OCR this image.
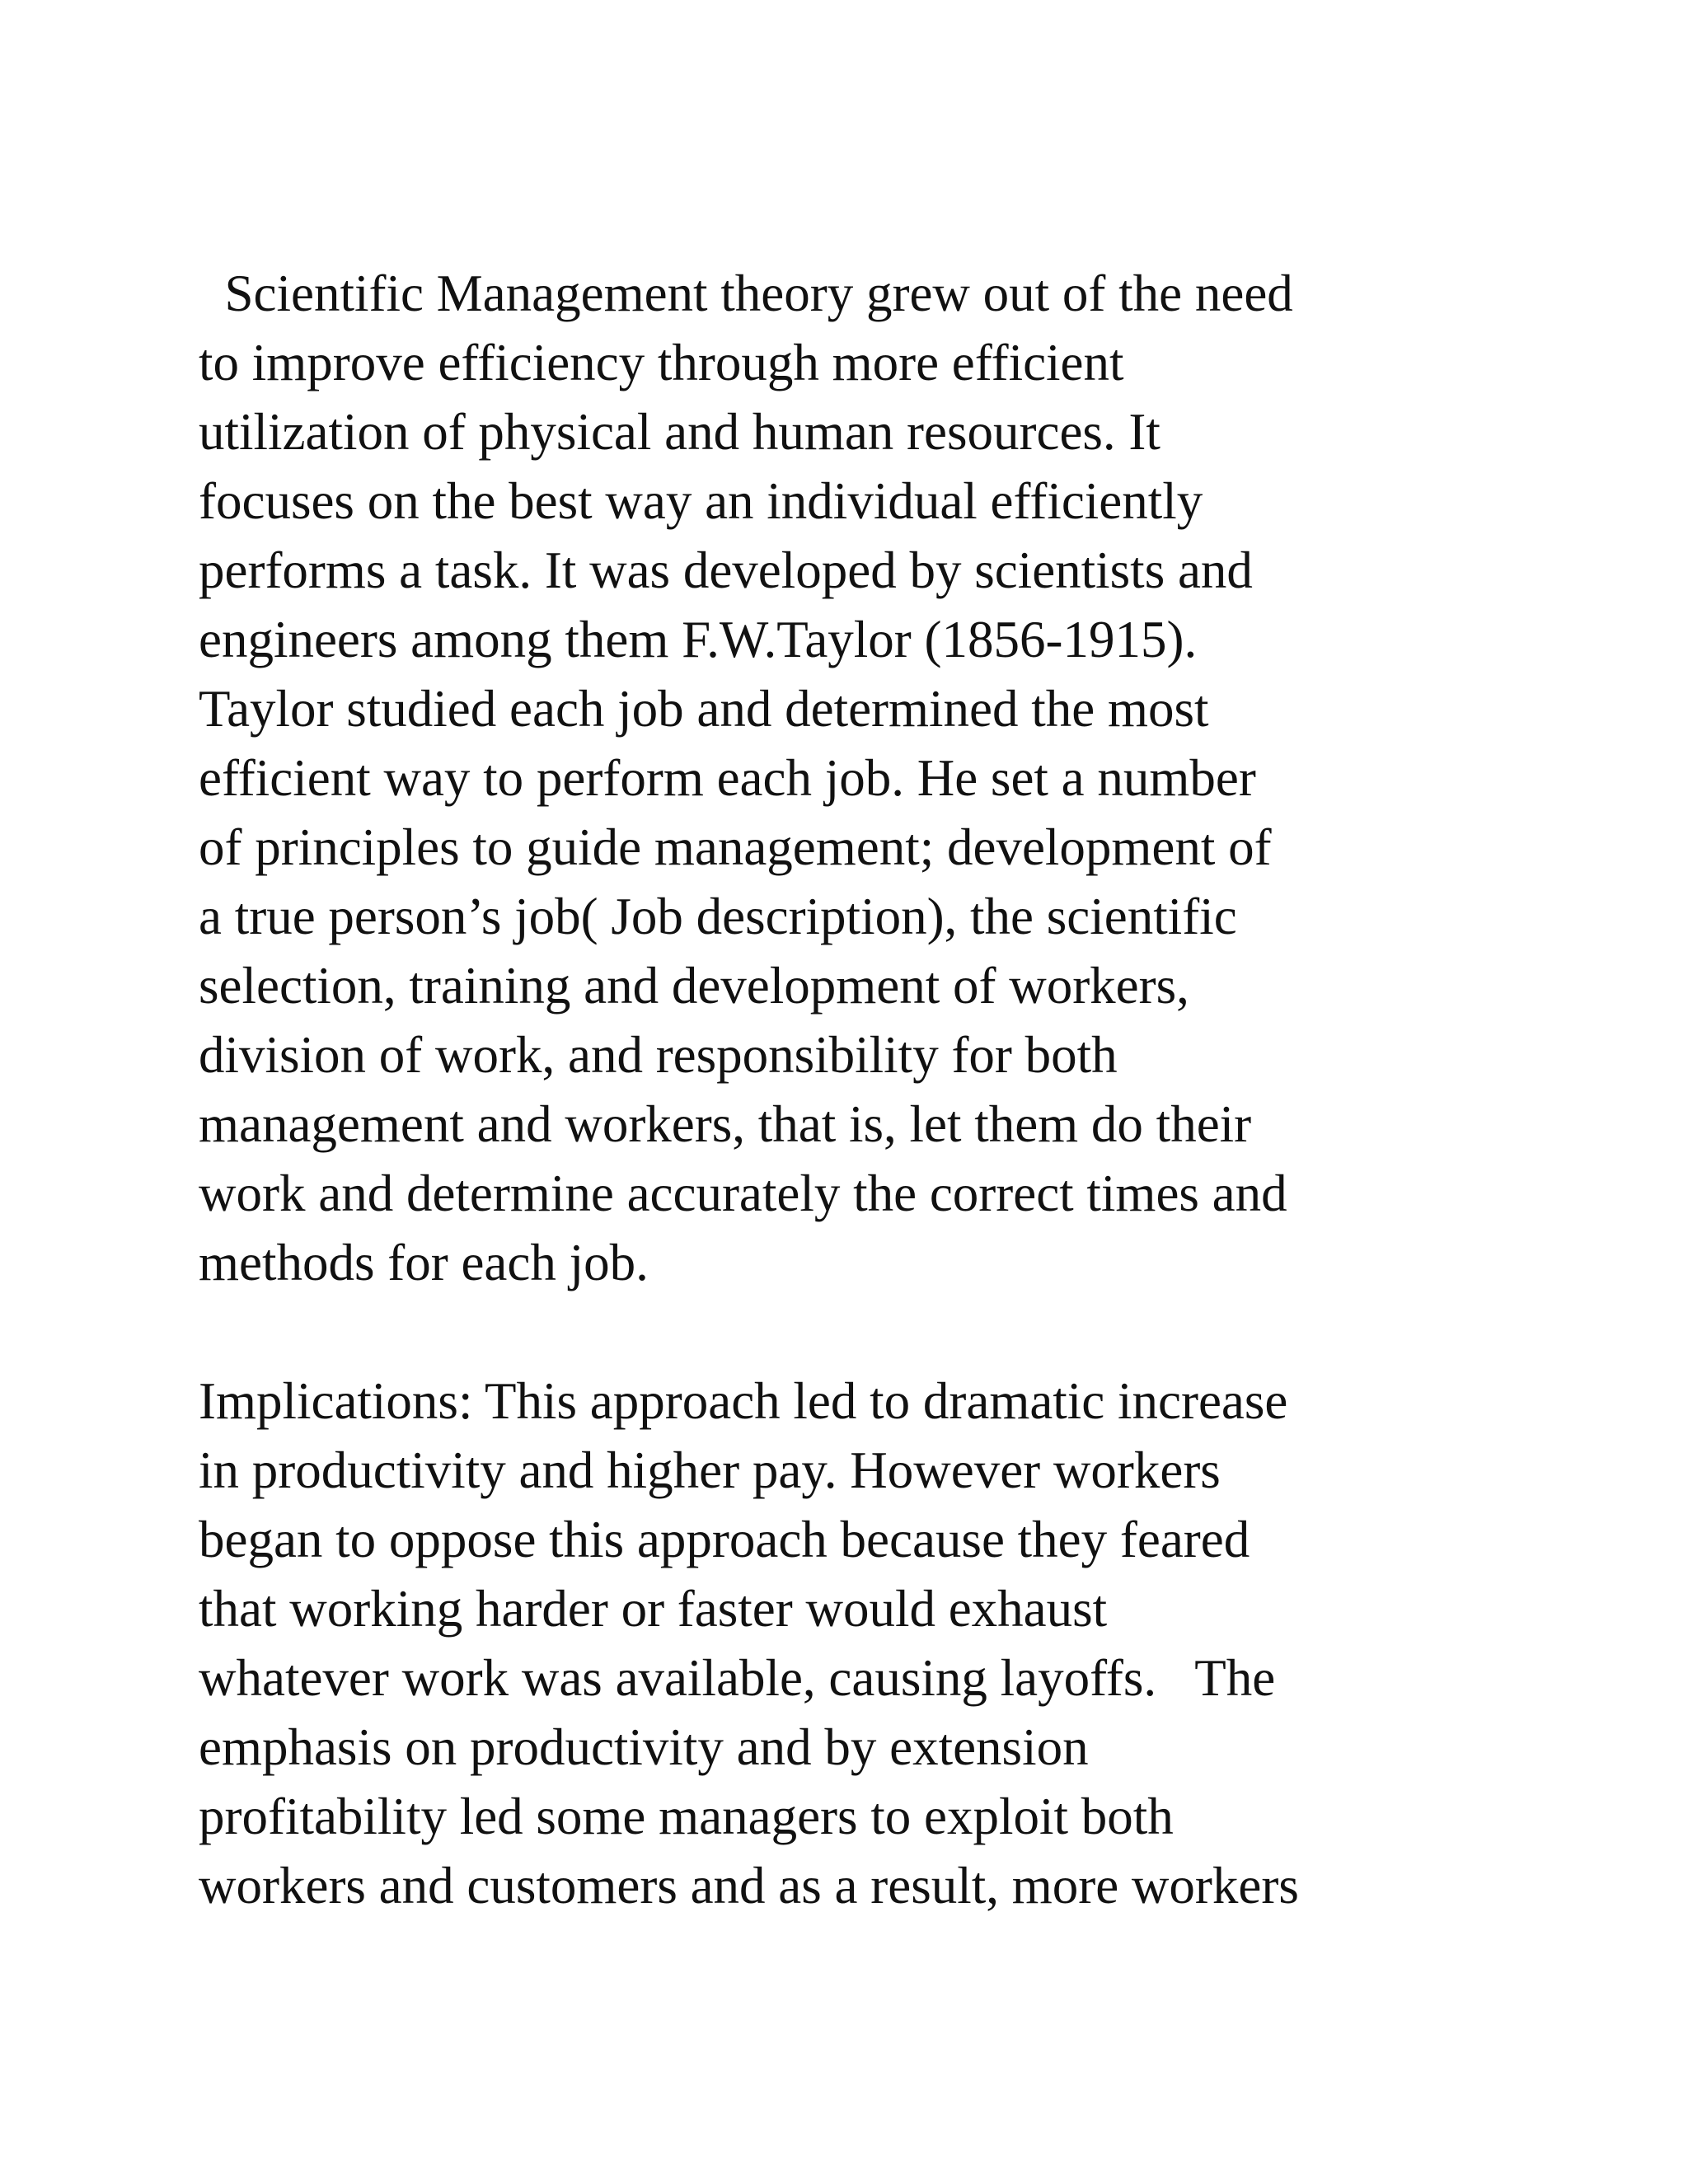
Scientific Management theory grew out of the need
to improve efficiency through more efficient
utilization of physical and human resources. It
focuses on the best way an individual efficiently
performs a task. It was developed by scientists and
engineers among them F.W.Taylor (1856-1915).
Taylor studied each job and determined the most
efficient way to perform each job. He set a number
of principles to guide management; development of
a true person’s job( Job description), the scientific
selection, training and development of workers,
division of work, and responsibility for both
management and workers, that is, let them do their
work and determine accurately the correct times and
methods for each job.
Implications: This approach led to dramatic increase
in productivity and higher pay. However workers
began to oppose this approach because they feared
that working harder or faster would exhaust
whatever work was available, causing layoffs.   The
emphasis on productivity and by extension
profitability led some managers to exploit both
workers and customers and as a result, more workers
